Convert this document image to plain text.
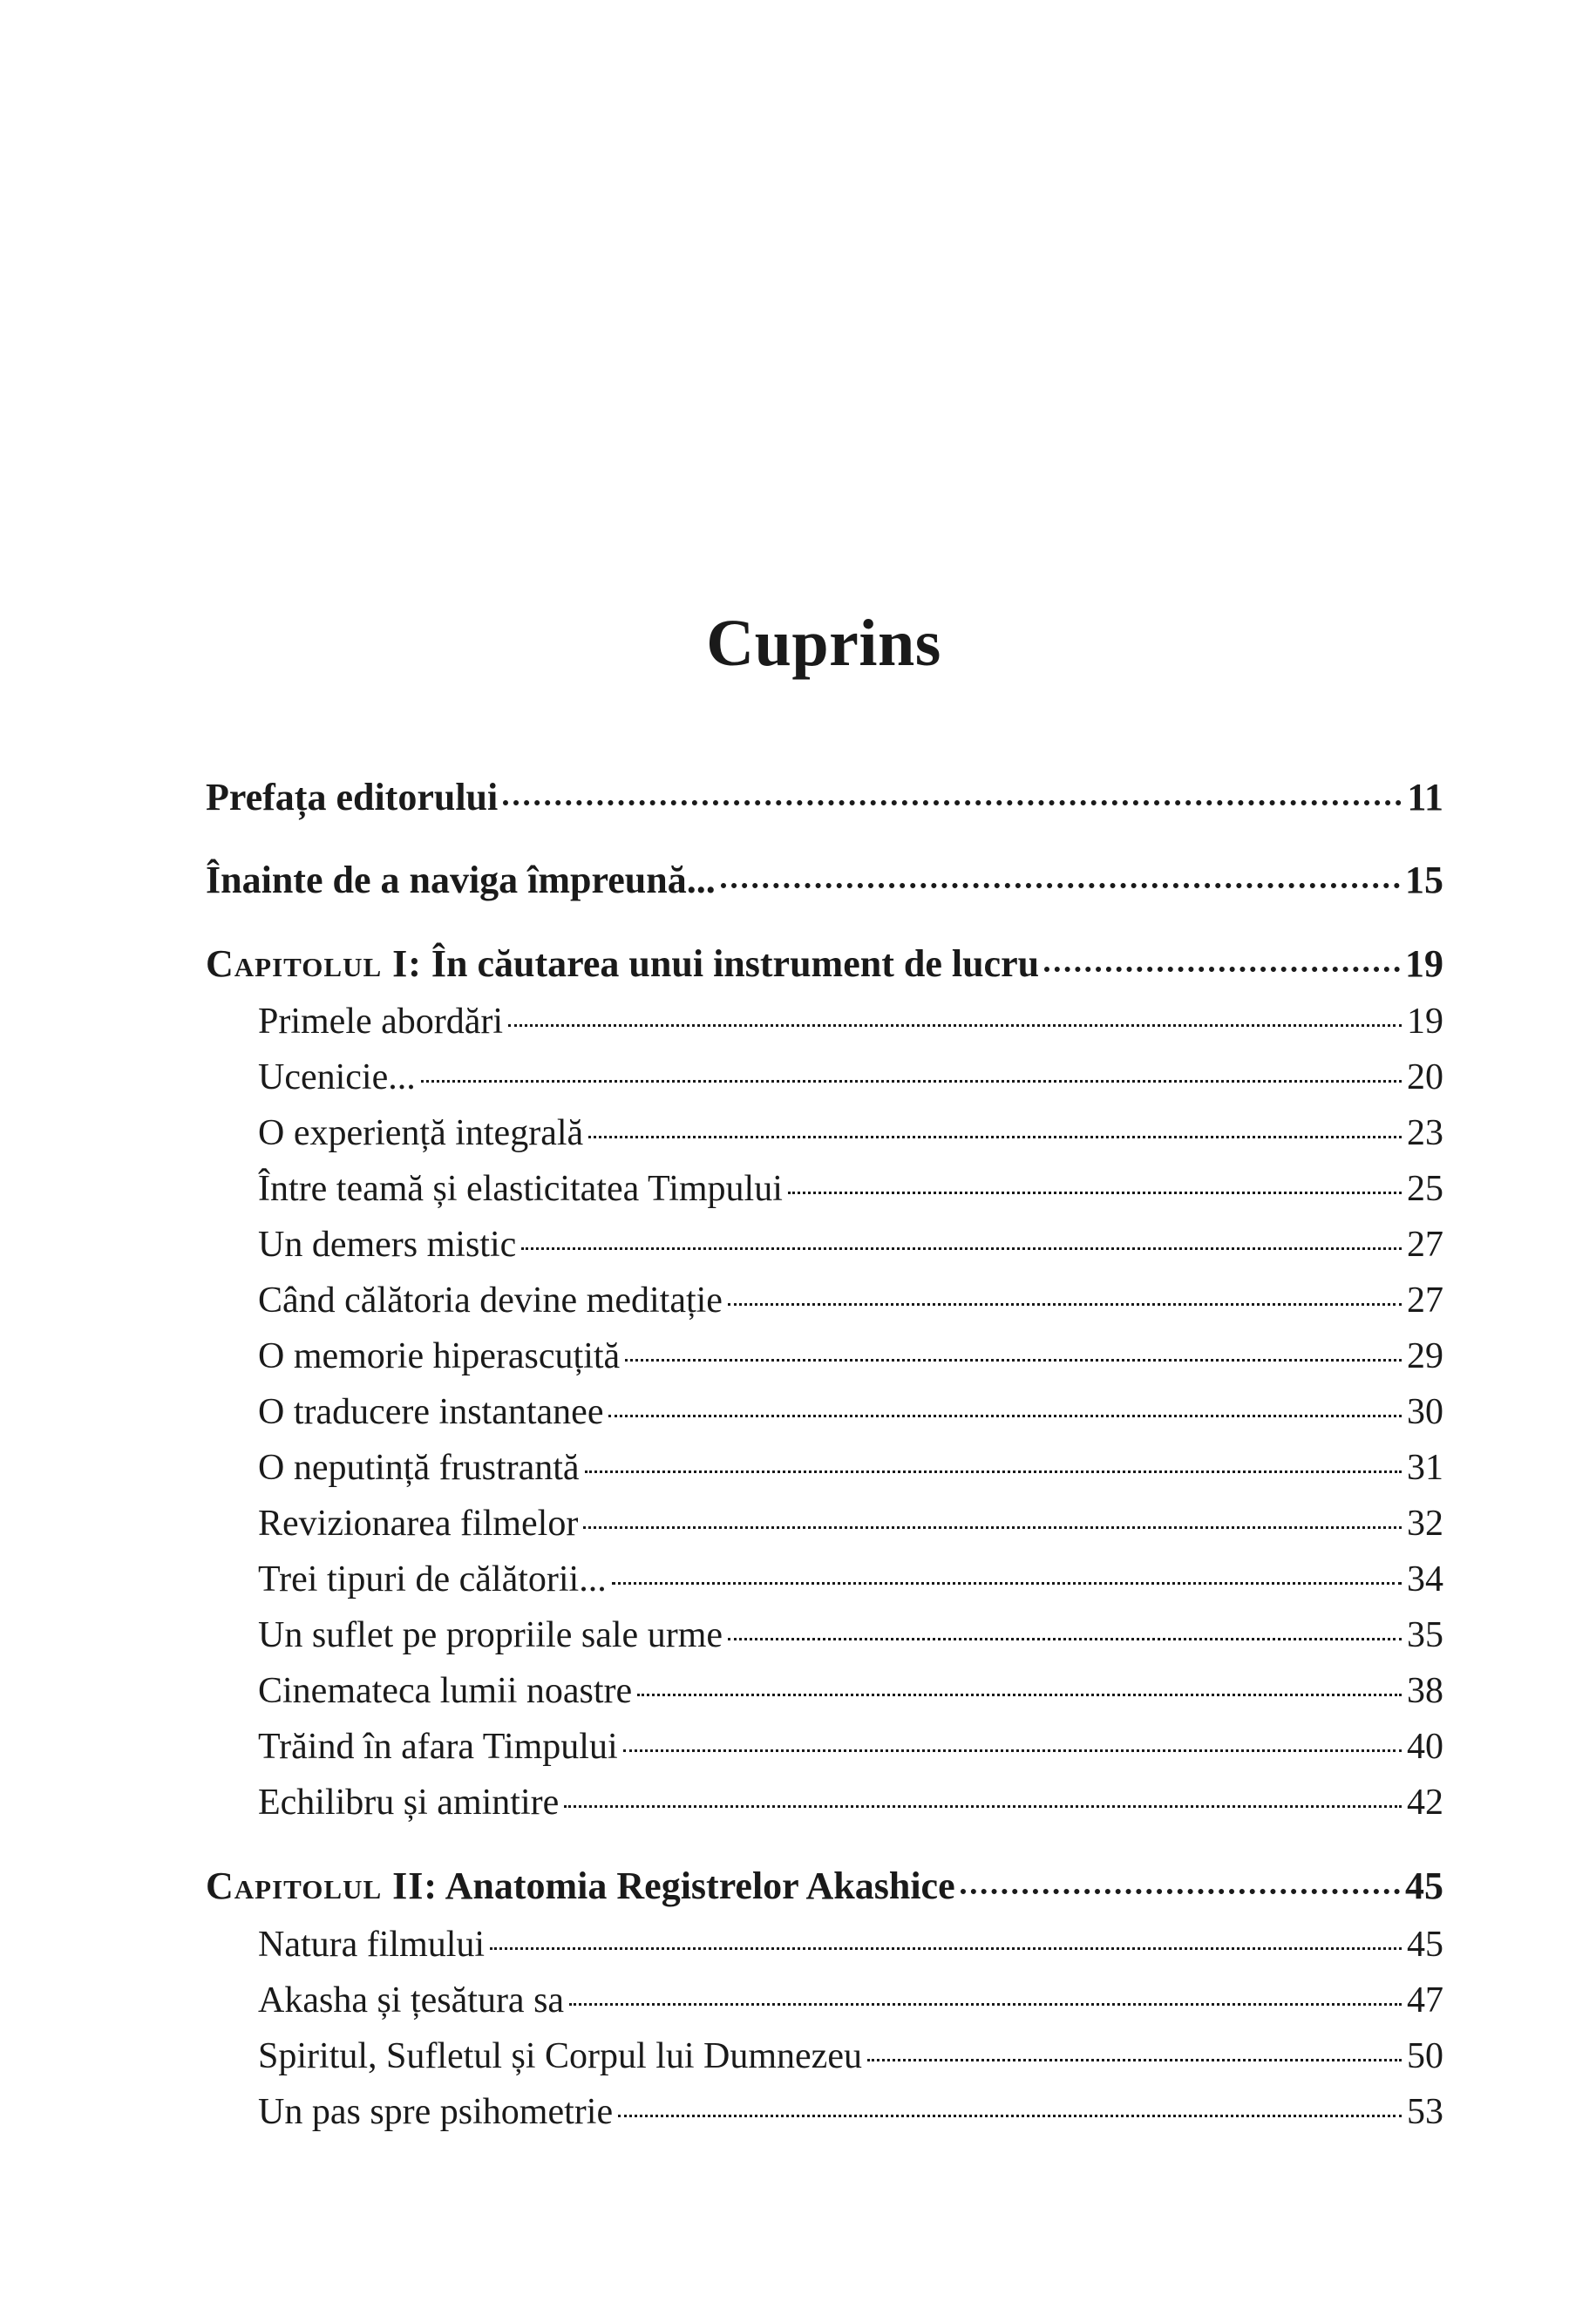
Cuprins
Prefața editorului	11
Înainte de a naviga împreună...	15
Capitolul I: În căutarea unui instrument de lucru	19
Primele abordări	19
Ucenicie...	20
O experiență integrală	23
Între teamă și elasticitatea Timpului	25
Un demers mistic	27
Când călătoria devine meditație	27
O memorie hiperascuțită	29
O traducere instantanee	30
O neputință frustrantă	31
Revizionarea filmelor	32
Trei tipuri de călătorii...	34
Un suflet pe propriile sale urme	35
Cinemateca lumii noastre	38
Trăind în afara Timpului	40
Echilibru și amintire	42
Capitolul II: Anatomia Registrelor Akashice	45
Natura filmului	45
Akasha și țesătura sa	47
Spiritul, Sufletul și Corpul lui Dumnezeu	50
Un pas spre psihometrie	53
